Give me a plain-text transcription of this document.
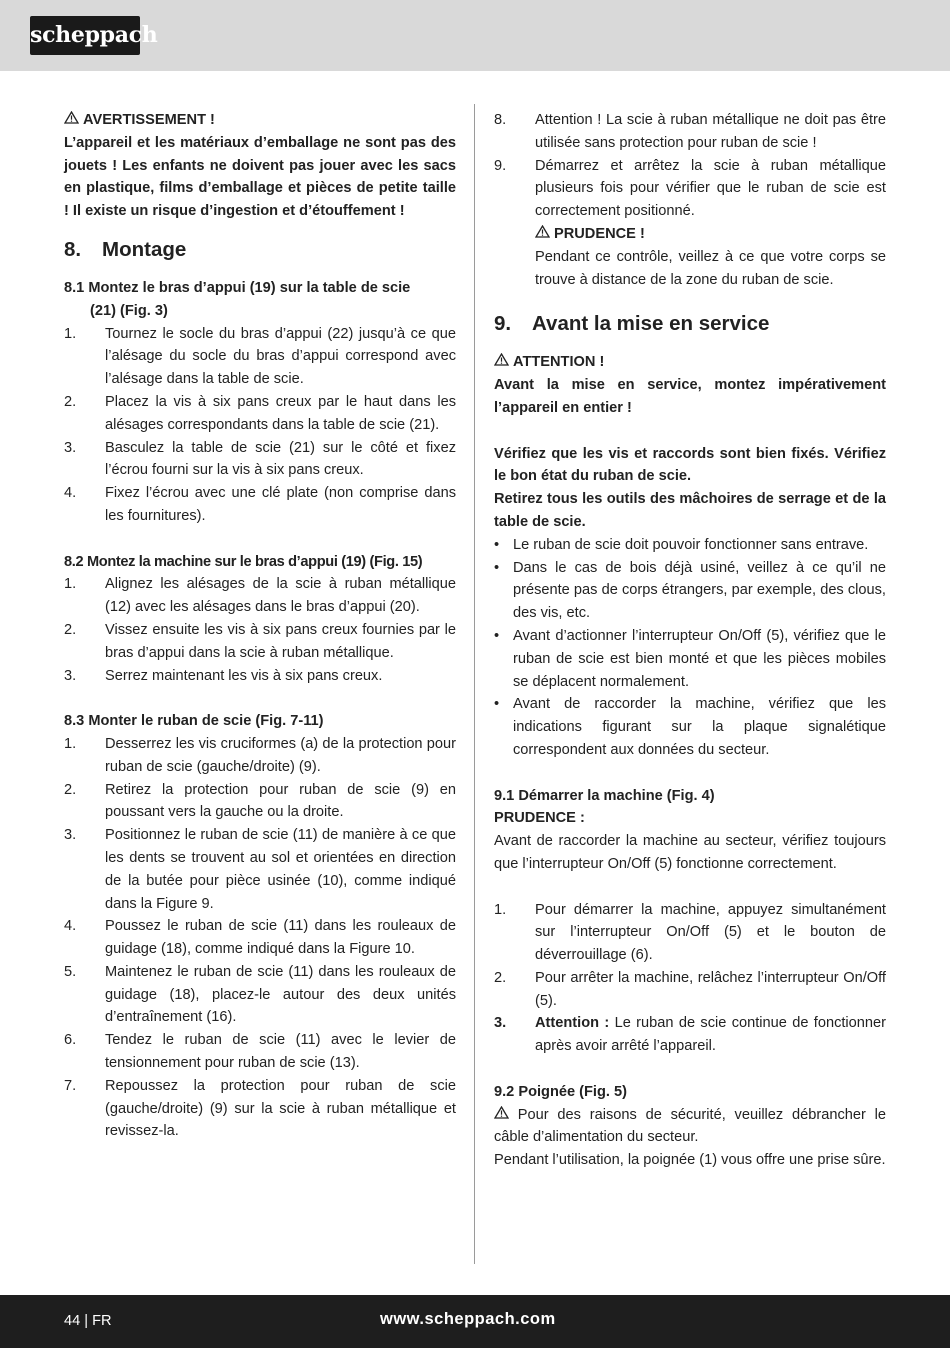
scheppach

AVERTISSEMENT !

L’appareil et les matériaux d’emballage ne sont pas des jouets ! Les enfants ne doivent pas jouer avec les sacs en plastique, films d’emballage et pièces de petite taille ! Il existe un risque d’ingestion et d’étouffement !

8. Montage
8.1 Montez le bras d’appui (19) sur la table de scie
(21) (Fig. 3)
1.	Tournez le socle du bras d’appui (22) jusqu’à ce que l’alésage du socle du bras d’appui correspond avec l’alésage dans la table de scie.
2.	Placez la vis à six pans creux par le haut dans les alésages correspondants dans la table de scie (21).
3.	Basculez la table de scie (21) sur le côté et fixez l’écrou fourni sur la vis à six pans creux.
4.	Fixez l’écrou avec une clé plate (non comprise dans les fournitures).
8.2 Montez la machine sur le bras d’appui (19) (Fig. 15)
1.	Alignez les alésages de la scie à ruban métallique (12) avec les alésages dans le bras d’appui (20).
2.	Vissez ensuite les vis à six pans creux fournies par le bras d’appui dans la scie à ruban métallique.
3.	Serrez maintenant les vis à six pans creux.
8.3 Monter le ruban de scie (Fig. 7-11)
1.	Desserrez les vis cruciformes (a) de la protection pour ruban de scie (gauche/droite) (9).
2.	Retirez la protection pour ruban de scie (9) en poussant vers la gauche ou la droite.
3.	Positionnez le ruban de scie (11) de manière à ce que les dents se trouvent au sol et orientées en direction de la butée pour pièce usinée (10), comme indiqué dans la Figure 9.
4.	Poussez le ruban de scie (11) dans les rouleaux de guidage (18), comme indiqué dans la Figure 10.
5.	Maintenez le ruban de scie (11) dans les rouleaux de guidage (18), placez-le autour des deux unités d’entraînement (16).
6.	Tendez le ruban de scie (11) avec le levier de tensionnement pour ruban de scie (13).
7.	Repoussez la protection pour ruban de scie (gauche/droite) (9) sur la scie à ruban métallique et revissez-la.
8.	Attention ! La scie à ruban métallique ne doit pas être utilisée sans protection pour ruban de scie !
9.	Démarrez et arrêtez la scie à ruban métallique plusieurs fois pour vérifier que le ruban de scie est correctement positionné.
PRUDENCE !
Pendant ce contrôle, veillez à ce que votre corps se trouve à distance de la zone du ruban de scie.
9. Avant la mise en service

ATTENTION !

Avant la mise en service, montez impérativement l’appareil en entier !

Vérifiez que les vis et raccords sont bien fixés. Vérifiez le bon état du ruban de scie.

Retirez tous les outils des mâchoires de serrage et de la table de scie.

• Le ruban de scie doit pouvoir fonctionner sans entrave.
• Dans le cas de bois déjà usiné, veillez à ce qu’il ne présente pas de corps étrangers, par exemple, des clous, des vis, etc.
• Avant d’actionner l’interrupteur On/Off (5), vérifiez que le ruban de scie est bien monté et que les pièces mobiles se déplacent normalement.
• Avant de raccorder la machine, vérifiez que les indications figurant sur la plaque signalétique correspondent aux données du secteur.
9.1 Démarrer la machine (Fig. 4)
PRUDENCE :

Avant de raccorder la machine au secteur, vérifiez toujours que l’interrupteur On/Off (5) fonctionne correctement.

1.	Pour démarrer la machine, appuyez simultanément sur l’interrupteur On/Off (5) et le bouton de déverrouillage (6).
2.	Pour arrêter la machine, relâchez l’interrupteur On/Off (5).
3.	Attention : Le ruban de scie continue de fonctionner après avoir arrêté l’appareil.
9.2 Poignée (Fig. 5)

Pour des raisons de sécurité, veuillez débrancher le câble d’alimentation du secteur.

Pendant l’utilisation, la poignée (1) vous offre une prise sûre.

44 | FR	www.scheppach.com
